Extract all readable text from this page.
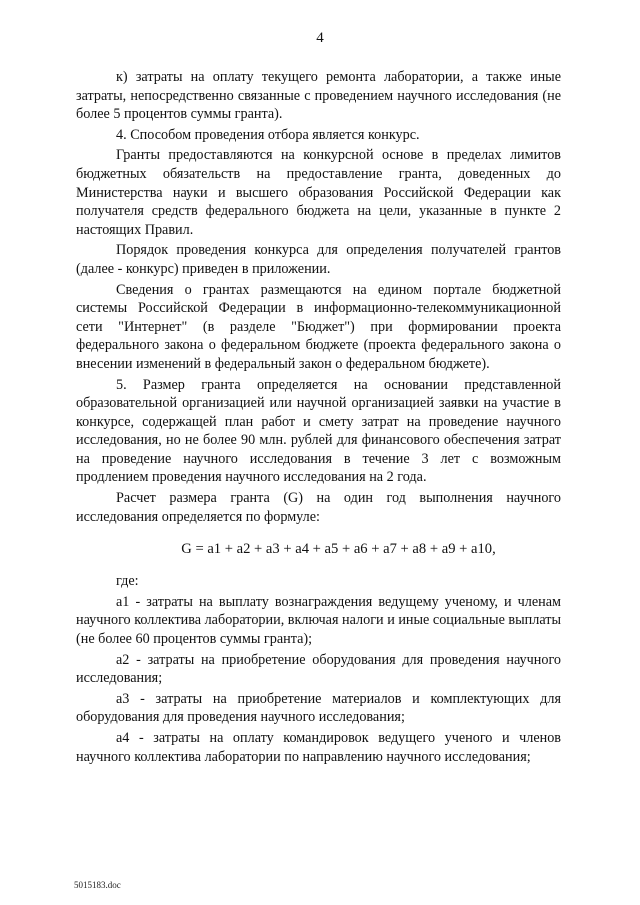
4

к) затраты на оплату текущего ремонта лаборатории, а также иные затраты, непосредственно связанные с проведением научного исследования (не более 5 процентов суммы гранта).

4. Способом проведения отбора является конкурс.

Гранты предоставляются на конкурсной основе в пределах лимитов бюджетных обязательств на предоставление гранта, доведенных до Министерства науки и высшего образования Российской Федерации как получателя средств федерального бюджета на цели, указанные в пункте 2 настоящих Правил.

Порядок проведения конкурса для определения получателей грантов (далее - конкурс) приведен в приложении.

Сведения о грантах размещаются на едином портале бюджетной системы Российской Федерации в информационно-телекоммуникационной сети "Интернет" (в разделе "Бюджет") при формировании проекта федерального закона о федеральном бюджете (проекта федерального закона о внесении изменений в федеральный закон о федеральном бюджете).

5. Размер гранта определяется на основании представленной образовательной организацией или научной организацией заявки на участие в конкурсе, содержащей план работ и смету затрат на проведение научного исследования, но не более 90 млн. рублей для финансового обеспечения затрат на проведение научного исследования в течение 3 лет с возможным продлением проведения научного исследования на 2 года.

Расчет размера гранта (G) на один год выполнения научного исследования определяется по формуле:

G = a1 + a2 + a3 + a4 + a5 + a6 + a7 + a8 + a9 + a10,

где:

a1 - затраты на выплату вознаграждения ведущему ученому, и членам научного коллектива лаборатории, включая налоги и иные социальные выплаты (не более 60 процентов суммы гранта);

a2 - затраты на приобретение оборудования для проведения научного исследования;

a3 - затраты на приобретение материалов и комплектующих для оборудования для проведения научного исследования;

a4 - затраты на оплату командировок ведущего ученого и членов научного коллектива лаборатории по направлению научного исследования;

5015183.doc
